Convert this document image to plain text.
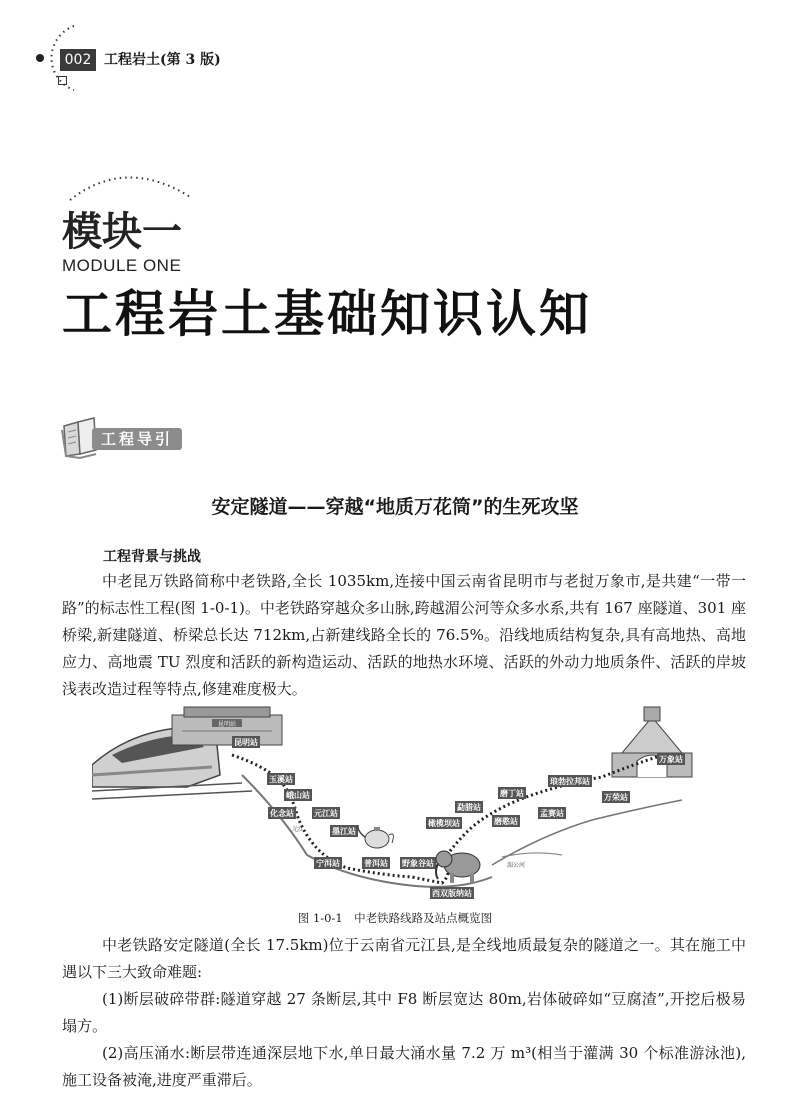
002 工程岩土(第 3 版)
模块一
MODULE ONE
工程岩土基础知识认知
工程导引
安定隧道——穿越“地质万花筒”的生死攻坚
工程背景与挑战

中老昆万铁路简称中老铁路,全长 1035km,连接中国云南省昆明市与老挝万象市,是共建“一带一路”的标志性工程(图 1-0-1)。中老铁路穿越众多山脉,跨越湄公河等众多水系,共有 167 座隧道、301 座桥梁,新建隧道、桥梁总长达 712km,占新建线路全长的 76.5%。沿线地质结构复杂,具有高地热、高地应力、高地震 TU 烈度和活跃的新构造运动、活跃的地热水环境、活跃的外动力地质条件、活跃的岸坡浅表改造过程等特点,修建难度极大。

昆明站
昆明站
玉溪站
峨山站
元江站
化念站
墨江站
宁洱站	普洱站 野象谷站
西双版纳站
橄榄坝站
勐腊站
磨憨站
磨丁站
孟赛站
琅勃拉邦站
万荣站
万象站
元江
湄公河
图 1-0-1　中老铁路线路及站点概览图

中老铁路安定隧道(全长 17.5km)位于云南省元江县,是全线地质最复杂的隧道之一。其在施工中遇以下三大致命难题:

(1)断层破碎带群:隧道穿越 27 条断层,其中 F8 断层宽达 80m,岩体破碎如“豆腐渣”,开挖后极易塌方。

(2)高压涌水:断层带连通深层地下水,单日最大涌水量 7.2 万 m³(相当于灌满 30 个标准游泳池),施工设备被淹,进度严重滞后。
